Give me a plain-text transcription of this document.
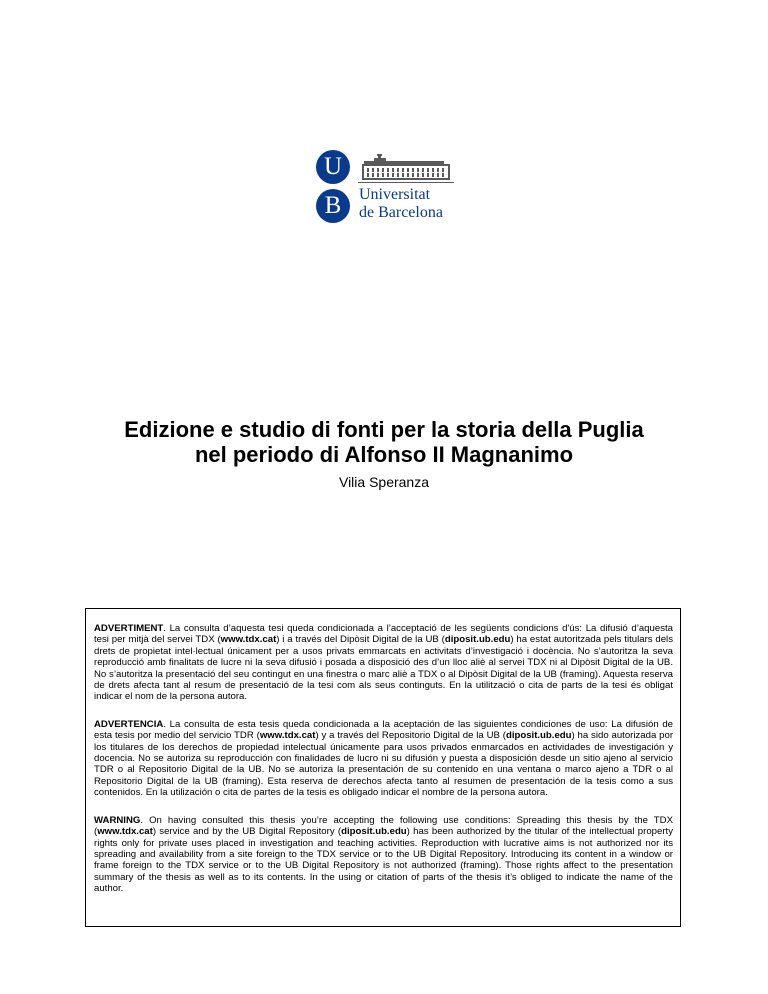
U
B	Universitat
de Barcelona
Edizione e studio di fonti per la storia della Puglia
nel periodo di Alfonso II Magnanimo
Vilia Speranza

ADVERTIMENT. La consulta d’aquesta tesi queda condicionada a l’acceptació de les següents condicions d'ús: La difusió d’aquesta tesi per mitjà del servei TDX (www.tdx.cat) i a través del Dipòsit Digital de la UB (diposit.ub.edu) ha estat autoritzada pels titulars dels drets de propietat intel·lectual únicament per a usos privats emmarcats en activitats d’investigació i docència. No s’autoritza la seva reproducció amb finalitats de lucre ni la seva difusió i posada a disposició des d’un lloc aliè al servei TDX ni al Dipòsit Digital de la UB. No s’autoritza la presentació del seu contingut en una finestra o marc aliè a TDX o al Dipòsit Digital de la UB (framing). Aquesta reserva de drets afecta tant al resum de presentació de la tesi com als seus continguts. En la utilització o cita de parts de la tesi és obligat indicar el nom de la persona autora.

ADVERTENCIA. La consulta de esta tesis queda condicionada a la aceptación de las siguientes condiciones de uso: La difusión de esta tesis por medio del servicio TDR (www.tdx.cat) y a través del Repositorio Digital de la UB (diposit.ub.edu) ha sido autorizada por los titulares de los derechos de propiedad intelectual únicamente para usos privados enmarcados en actividades de investigación y docencia. No se autoriza su reproducción con finalidades de lucro ni su difusión y puesta a disposición desde un sitio ajeno al servicio TDR o al Repositorio Digital de la UB. No se autoriza la presentación de su contenido en una ventana o marco ajeno a TDR o al Repositorio Digital de la UB (framing). Esta reserva de derechos afecta tanto al resumen de presentación de la tesis como a sus contenidos. En la utilización o cita de partes de la tesis es obligado indicar el nombre de la persona autora.

WARNING. On having consulted this thesis you’re accepting the following use conditions: Spreading this thesis by the TDX (www.tdx.cat) service and by the UB Digital Repository (diposit.ub.edu) has been authorized by the titular of the intellectual property rights only for private uses placed in investigation and teaching activities. Reproduction with lucrative aims is not authorized nor its spreading and availability from a site foreign to the TDX service or to the UB Digital Repository. Introducing its content in a window or frame foreign to the TDX service or to the UB Digital Repository is not authorized (framing). Those rights affect to the presentation summary of the thesis as well as to its contents. In the using or citation of parts of the thesis it’s obliged to indicate the name of the author.
